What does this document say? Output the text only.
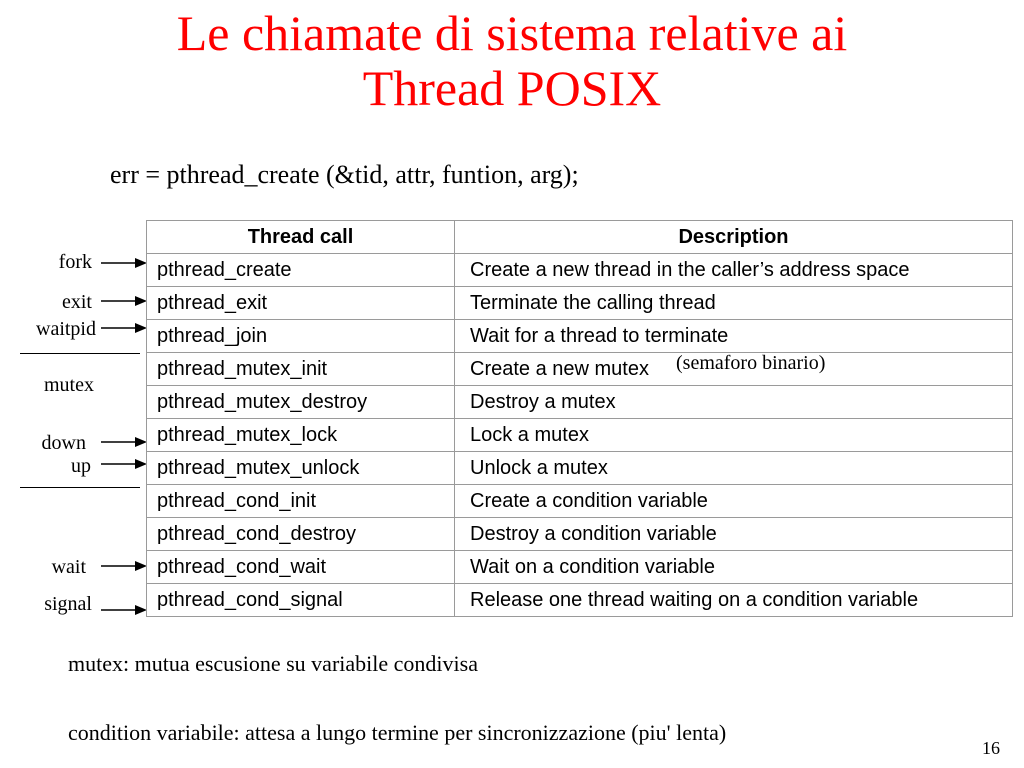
Le chiamate di sistema relative ai
Thread POSIX
err = pthread_create (&tid, attr, funtion, arg);
fork
exit
waitpid
mutex
down
up
wait
signal
Thread call	Description
pthread_create	Create a new thread in the caller’s address space
pthread_exit	Terminate the calling thread
pthread_join	Wait for a thread to terminate
pthread_mutex_init	Create a new mutex
pthread_mutex_destroy	Destroy a mutex
pthread_mutex_lock	Lock a mutex
pthread_mutex_unlock	Unlock a mutex
pthread_cond_init	Create a condition variable
pthread_cond_destroy	Destroy a condition variable
pthread_cond_wait	Wait on a condition variable
pthread_cond_signal	Release one thread waiting on a condition variable
(semaforo binario)
mutex: mutua escusione su variabile condivisa
condition variabile: attesa a lungo termine per sincronizzazione (piu' lenta)
16
